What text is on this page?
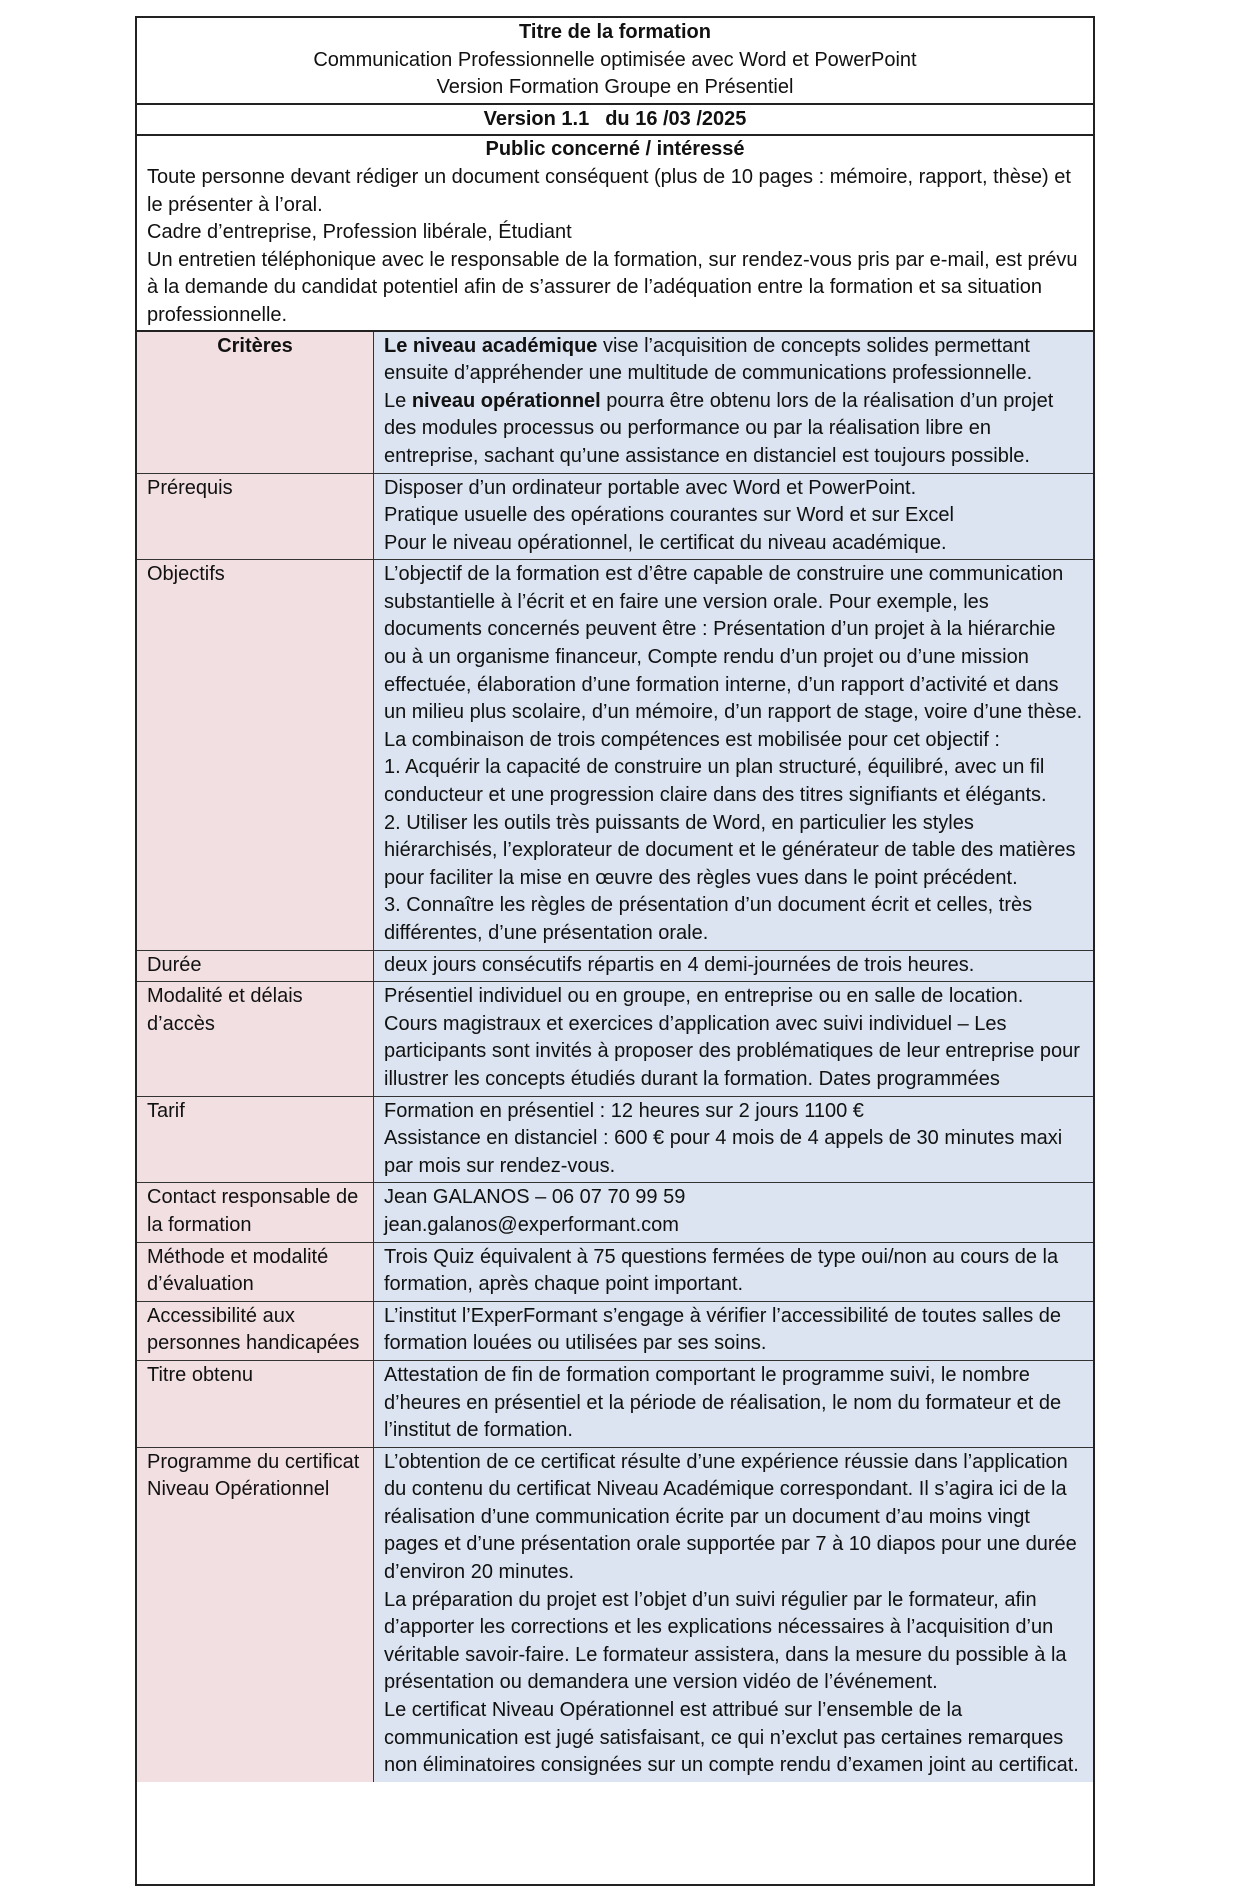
Titre de la formation
Communication Professionnelle optimisée avec Word et PowerPoint
Version Formation Groupe en Présentiel
Version 1.1 du 16 /03 /2025
Public concerné / intéressé

Toute personne devant rédiger un document conséquent (plus de 10 pages : mémoire, rapport, thèse) et le présenter à l’oral.

Cadre d’entreprise, Profession libérale, Étudiant

Un entretien téléphonique avec le responsable de la formation, sur rendez-vous pris par e-mail, est prévu à la demande du candidat potentiel afin de s’assurer de l’adéquation entre la formation et sa situation professionnelle.

Critères	Le niveau académique vise l’acquisition de concepts solides permettant ensuite d’appréhender une multitude de communications professionnelle.

Le niveau opérationnel pourra être obtenu lors de la réalisation d’un projet des modules processus ou performance ou par la réalisation libre en entreprise, sachant qu’une assistance en distanciel est toujours possible.

Prérequis	Disposer d’un ordinateur portable avec Word et PowerPoint.

Pratique usuelle des opérations courantes sur Word et sur Excel

Pour le niveau opérationnel, le certificat du niveau académique.

Objectifs	L’objectif de la formation est d’être capable de construire une communication substantielle à l’écrit et en faire une version orale. Pour exemple, les documents concernés peuvent être : Présentation d’un projet à la hiérarchie ou à un organisme financeur, Compte rendu d’un projet ou d’une mission effectuée, élaboration d’une formation interne, d’un rapport d’activité et dans un milieu plus scolaire, d’un mémoire, d’un rapport de stage, voire d’une thèse.

La combinaison de trois compétences est mobilisée pour cet objectif :

1. Acquérir la capacité de construire un plan structuré, équilibré, avec un fil conducteur et une progression claire dans des titres signifiants et élégants.

2. Utiliser les outils très puissants de Word, en particulier les styles hiérarchisés, l’explorateur de document et le générateur de table des matières pour faciliter la mise en œuvre des règles vues dans le point précédent.

3. Connaître les règles de présentation d’un document écrit et celles, très différentes, d’une présentation orale.

Durée	deux jours consécutifs répartis en 4 demi-journées de trois heures.

Modalité et délais d’accès	Présentiel individuel ou en groupe, en entreprise ou en salle de location.

Cours magistraux et exercices d’application avec suivi individuel – Les participants sont invités à proposer des problématiques de leur entreprise pour illustrer les concepts étudiés durant la formation. Dates programmées

Tarif	Formation en présentiel : 12 heures sur 2 jours 1100 €

Assistance en distanciel : 600 € pour 4 mois de 4 appels de 30 minutes maxi par mois sur rendez-vous.

Contact responsable de la formation	Jean GALANOS – 06 07 70 99 59

jean.galanos@experformant.com

Méthode et modalité d’évaluation	Trois Quiz équivalent à 75 questions fermées de type oui/non au cours de la formation, après chaque point important.

Accessibilité aux personnes handicapées	L’institut l’ExperFormant s’engage à vérifier l’accessibilité de toutes salles de formation louées ou utilisées par ses soins.

Titre obtenu	Attestation de fin de formation comportant le programme suivi, le nombre d’heures en présentiel et la période de réalisation, le nom du formateur et de l’institut de formation.

Programme du certificat Niveau Opérationnel	L’obtention de ce certificat résulte d’une expérience réussie dans l’application du contenu du certificat Niveau Académique correspondant. Il s’agira ici de la réalisation d’une communication écrite par un document d’au moins vingt pages et d’une présentation orale supportée par 7 à 10 diapos pour une durée d’environ 20 minutes.

La préparation du projet est l’objet d’un suivi régulier par le formateur, afin d’apporter les corrections et les explications nécessaires à l’acquisition d’un véritable savoir-faire. Le formateur assistera, dans la mesure du possible à la présentation ou demandera une version vidéo de l’événement.

Le certificat Niveau Opérationnel est attribué sur l’ensemble de la communication est jugé satisfaisant, ce qui n’exclut pas certaines remarques non éliminatoires consignées sur un compte rendu d’examen joint au certificat.
